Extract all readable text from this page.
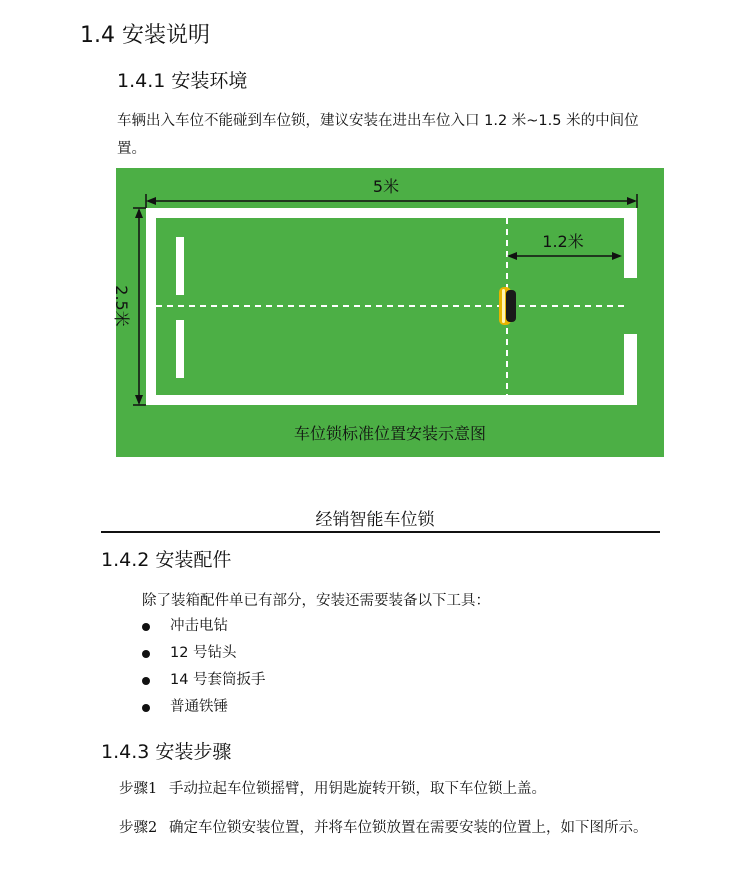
1.4 安装说明
1.4.1 安装环境
车辆出入车位不能碰到车位锁，建议安装在进出车位入口 1.2 米~1.5 米的中间位置。
5米
1.2米
2.5米
车位锁标准位置安装示意图
经销智能车位锁
1.4.2 安装配件
除了装箱配件单已有部分，安装还需要装备以下工具：
冲击电钻
12 号钻头
14 号套筒扳手
普通铁锤
1.4.3 安装步骤
步骤1 手动拉起车位锁摇臂，用钥匙旋转开锁，取下车位锁上盖。
步骤2 确定车位锁安装位置，并将车位锁放置在需要安装的位置上，如下图所示。
